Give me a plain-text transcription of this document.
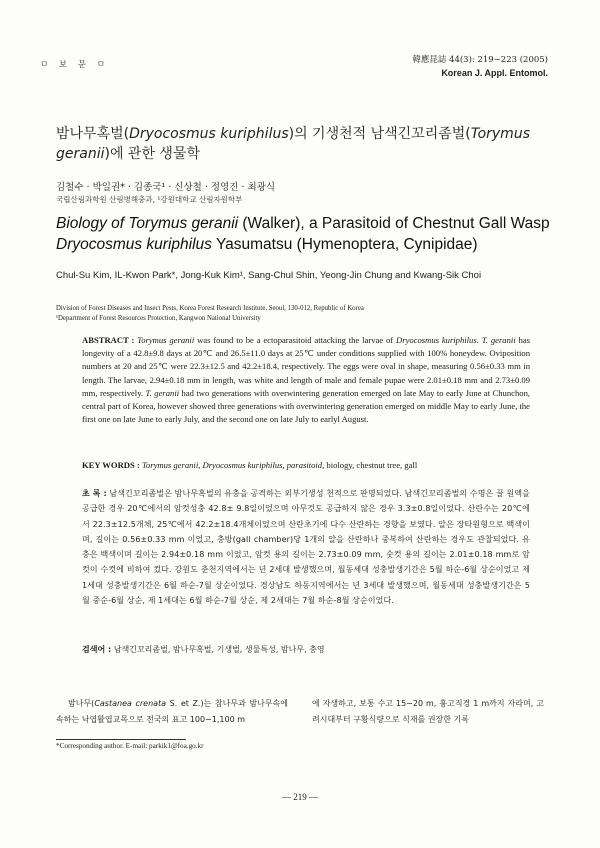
ㅁ 보 문 ㅁ	韓應昆誌 44(3): 219∼223 (2005)
Korean J. Appl. Entomol.
밤나무혹벌(Dryocosmus kuriphilus)의 기생천적 남색긴꼬리좀벌(Torymus geranii)에 관한 생물학
김철수 · 박일권* · 김종국¹ · 신상철 · 정영진 · 최광식
국립산림과학원 산림병해충과, ¹강원대학교 산림자원학부
Biology of Torymus geranii (Walker), a Parasitoid of Chestnut Gall Wasp
Dryocosmus kuriphilus Yasumatsu (Hymenoptera, Cynipidae)
Chul-Su Kim, IL-Kwon Park*, Jong-Kuk Kim¹, Sang-Chul Shin, Yeong-Jin Chung and Kwang-Sik Choi
Division of Forest Diseases and Insect Pests, Korea Forest Research Institute, Seoul, 130-012, Republic of Korea
¹Department of Forest Resources Protection, Kangwon National University
ABSTRACT : Torymus geranii was found to be a ectoparasitoid attacking the larvae of Dryocosmus kuriphilus. T. geranii has longevity of a 42.8±9.8 days at 20℃ and 26.5±11.0 days at 25℃ under conditions supplied with 100% honeydew. Oviposition numbers at 20 and 25℃ were 22.3±12.5 and 42.2±18.4, respectively. The eggs were oval in shape, measuring 0.56±0.33 mm in length. The larvae, 2.94±0.18 mm in length, was white and length of male and female pupae were 2.01±0.18 mm and 2.73±0.09 mm, respectively. T. geranii had two generations with overwintering generation emerged on late May to early June at Chunchon, central part of Korea, however showed three generations with overwintering generation emerged on middle May to early June, the first one on late June to early July, and the second one on late July to earlyl August.
KEY WORDS : Torymus geranii, Dryocosmus kuriphilus, parasitoid, biology, chestnut tree, gall
초 록 : 남색긴꼬리좀벌은 밤나무혹벌의 유충을 공격하는 외부기생성 천적으로 판명되었다. 남색긴꼬리좀벌의 수명은 꿀 원액을 공급한 경우 20℃에서의 암컷성충 42.8± 9.8일이었으며 아무것도 공급하지 않은 경우 3.3±0.8일이었다. 산란수는 20℃에서 22.3±12.5개체, 25℃에서 42.2±18.4개체이었으며 산란초기에 다수 산란하는 경향을 보였다. 알은 장타원형으로 백색이며, 길이는 0.56±0.33 mm 이었고, 충방(gall chamber)당 1개의 알을 산란하나 중복하여 산란하는 경우도 관찰되었다. 유충은 백색이며 길이는 2.94±0.18 mm 이었고, 암컷 용의 길이는 2.73±0.09 mm, 숫컷 용의 길이는 2.01±0.18 mm로 암컷이 수컷에 비하여 컸다. 강원도 춘천지역에서는 년 2세대 발생했으며, 월동세대 성충발생기간은 5월 하순-6월 상순이었고 제1세대 성충발생기간은 6월 하순-7월 상순이었다. 경상남도 하동지역에서는 년 3세대 발생했으며, 월동세대 성충발생기간은 5월 중순-6월 상순, 제 1세대는 6월 하순-7월 상순, 제 2세대는 7월 하순-8월 상순이었다.
검색어 : 남색긴꼬리좀벌, 밤나무혹벌, 기생벌, 생물특성, 밤나무, 충영
밤나무(Castanea crenata S. et Z.)는 참나무과 밤나무속에 속하는 낙엽활엽교목으로 전국의 표고 100∼1,100 m
에 자생하고, 보통 수고 15∼20 m, 흉고직경 1 m까지 자라며, 고려시대부터 구황식량으로 식재를 권장한 기록
*Corresponding author. E-mail: parkik1@foa.go.kr
— 219 —
